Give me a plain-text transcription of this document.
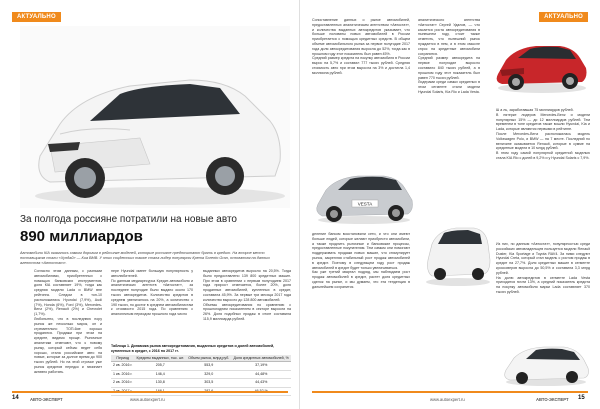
АКТУАЛЬНО
За полгода россияне потратили на новые авто
890 миллиардов
Автомобили КIА оказались самым дорогим в рейтинге моделей, которые россияне предпочитают брать в кредит. На второе место поставщиком стали «Хундай» — Киа ВМВ. У этих соцдетских также стала лидер популярны Крета Sorento Gran, основанная на данных агентства «Автостат».
Согласно этим данным, с разными автомобилями, приобретенных с помощью банковских инструментов, доля КIA составляет 19%, тогда как средняя модели Lada и BMW вне рейтинга. Следом в топ-10 расположились Hyundai (7,9%), Audi (7%), Honda (6%), Ford (3%), Mercedes-Benz (2%), Renault (2%) и Chevrolet (1,7%).
Любопытно, что в последнюю пору рынок же несколько марок, он и стремительно ТОП-6ие хорошо продаются. Продажи при этом на кредите, видимо проще. Рыночные аналитики отмечают, что к новому рынку, который сейчас ведет себя хорошо, стала российские авто на новые, которые за долгое время до 900 тысяч рублей. Но на этой строчке уже рынок кредитов нередко и начинает активно работать.
нере Hyundai имеет большую популярность у автолюбителей.
По данным медиаресурса Кредит-автомобиля и аналитических агентств «Автостат», за последнее полугодие было выдано около 170 тысяч автокредитов. Количество кредитов в среднем увеличилось на 20%, а количество с 190 тысяч, но достиг в среднем автомобилистам к стоимости 2015 года. По сравнению с аналогичным периодом прошлого года число
выданных автокредитов выросло на 20,5%. Тогда было предоставлено 139 800 кредитных машин. При этом в сравнении с первым полугодием 2017 года прирост отмечается, более 20%, доля проданных автомобилей, купленных в кредит, составила 45,9%. За первые три месяца 2017 года количество выросло до 128 800 автомобилей.
Объемы автокредитования по сравнению с прошлогодним показателем в секторе выросли на 26%. Доля подобных продаж в итоге составила 115,9 миллиарда рублей.
Таблица 1. Динамика рынка автокредитования, выданных кредитов и долей автомобилей, купленных в кредит, с 2016 по 2017 гг.
Период	Кредиты выданных, тыс. шт.	Объем рынка, млрд руб.	Доля кредитных автомобилей, %
2 кв. 2016 г.	205,7	553,9	37,19%
1 кв. 2016 г.	146,4	329,0	44,48%
2 кв. 2016 г.	130,8	303,5	44,43%

14	АВТО-ЭКСПЕРТ	www.autoexpert.ru
АКТУАЛЬНО
Сопоставление данных о рынке автомобилей, предоставленных аналитическим агентством «Автостат», и количества выданных автокредитов указывает, что больше половины новых автомобилей в России приобретается с помощью кредитных средств. В общем объеме автомобильного рынка за первое полугодие 2017 года доля автокредитования выросла до 52%, тогда как в прошлом году этот показатель был равен 45%.
Средний размер кредита на покупку автомобиля в России вырос на 5,7% и составил 777 тысяч рублей. Средняя стоимость авто при этом выросла на 3% и достигла 1,4 миллиона рублей.
аналитического агентства «Автостат» Сергей Удалов, — что касается роста автокредитования в нынешнем году, стоит также отметить, что нынешний рынок нуждается в нем, и в этом смысле спрос на кредитные автомобили сохранится.
Средний размер автокредита на первое полугодие выросло составило 840 тысяч рублей, а в прошлом году этот показатель был равен 770 тысяч рублей.
Лидерами среди самых кредитных в этом сегменте стали модели Hyundai Solaris, Kia Rio и Lada Vesta.
Ш а ль, заработавшая 75 миллиардов рублей.
В пятерке лидеров Mercedes-Benz и модели популярных 15% — до 12 миллиардов рублей. Тем временем в топе кредитов также вошли Hyundai, Kia и Lada, которые являются первыми в рейтинге.
После Mercedes-Benz расположилась модель Volkswagen Polo, и BMW — на 7 месте. Последний по величине оказывается Renault, которые в сумме на кредитные модели в 10 млрд рублей.
В этом году самой популярной кредитной моделью стала KIA Rio с долей в 9,2% и у Hyundai Solaris с 7,9%.
VESTA
деление банком восстановили сети, и что они имеют больше людей, которые желают приобрести автомобили, а также продлить рыночные и банковские процессы, предоставленные покупателям. Тем самым они помогают поддерживать продажи новых машин, что стимулирует рынок, закрепляя стабильный рост продаж автомобилей в кредит. Поэтому в следующем году рост продаж автомобилей в кредит будет только увеличиваться.
Как уже третий квартал подряд, мы наблюдаем рост продаж автомобилей в кредит, растет доля кредитных сделок на рынке, и мы думаем, что эта тенденция в дальнейшем сохранится.
Из них, по данным «Автостат», популярностью среди российских автовладельцев пользуется модели Renault Duster, Kia Sportage и Toyota RAV4. За ними следуют Hyundai Creta, который стал модель с ростом продаж в кредит на 27,7%. Доля кредитных машин в сегменте кроссоверов выросла до 50,5% и составила 3,3 млрд рублей.
На долю автокредитов в сегменте Lada Vesta приходится почти 13%, а средний показатель кредита на покупку автомобиля марки Lada составляет 370 тысяч рублей.
www.autoexpert.ru	АВТО-ЭКСПЕРТ 15
